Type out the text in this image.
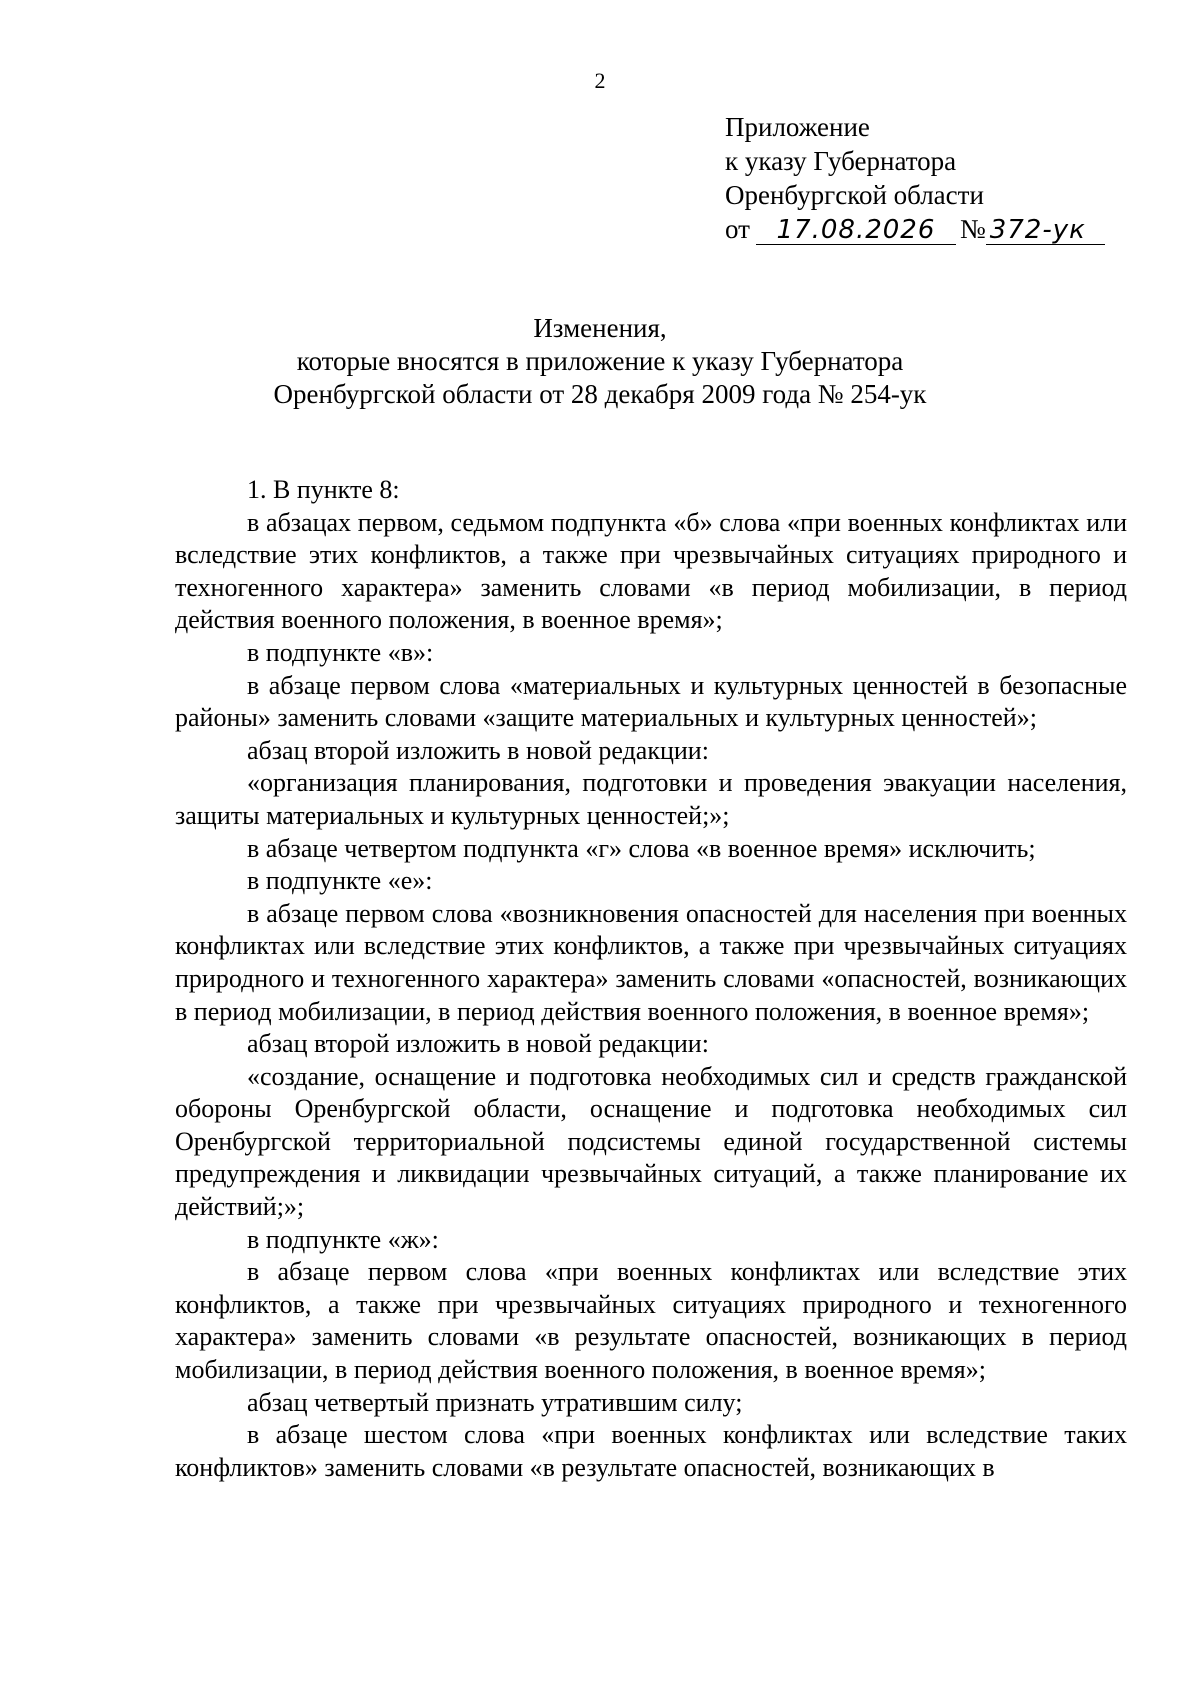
2
Приложение
к указу Губернатора
Оренбургской области
от 17.08.2026 № 372-ук
Изменения,
которые вносятся в приложение к указу Губернатора
Оренбургской области от 28 декабря 2009 года № 254-ук

1. В пункте 8:

в абзацах первом, седьмом подпункта «б» слова «при военных конфликтах или вследствие этих конфликтов, а также при чрезвычайных ситуациях природного и техногенного характера» заменить словами «в период мобилизации, в период действия военного положения, в военное время»;

в подпункте «в»:

в абзаце первом слова «материальных и культурных ценностей в безопасные районы» заменить словами «защите материальных и культурных ценностей»;

абзац второй изложить в новой редакции:

«организация планирования, подготовки и проведения эвакуации населения, защиты материальных и культурных ценностей;»;

в абзаце четвертом подпункта «г» слова «в военное время» исключить;

в подпункте «е»:

в абзаце первом слова «возникновения опасностей для населения при военных конфликтах или вследствие этих конфликтов, а также при чрезвычайных ситуациях природного и техногенного характера» заменить словами «опасностей, возникающих в период мобилизации, в период действия военного положения, в военное время»;

абзац второй изложить в новой редакции:

«создание, оснащение и подготовка необходимых сил и средств гражданской обороны Оренбургской области, оснащение и подготовка необходимых сил Оренбургской территориальной подсистемы единой государственной системы предупреждения и ликвидации чрезвычайных ситуаций, а также планирование их действий;»;

в подпункте «ж»:

в абзаце первом слова «при военных конфликтах или вследствие этих конфликтов, а также при чрезвычайных ситуациях природного и техногенного характера» заменить словами «в результате опасностей, возникающих в период мобилизации, в период действия военного положения, в военное время»;

абзац четвертый признать утратившим силу;

в абзаце шестом слова «при военных конфликтах или вследствие таких конфликтов» заменить словами «в результате опасностей, возникающих в
